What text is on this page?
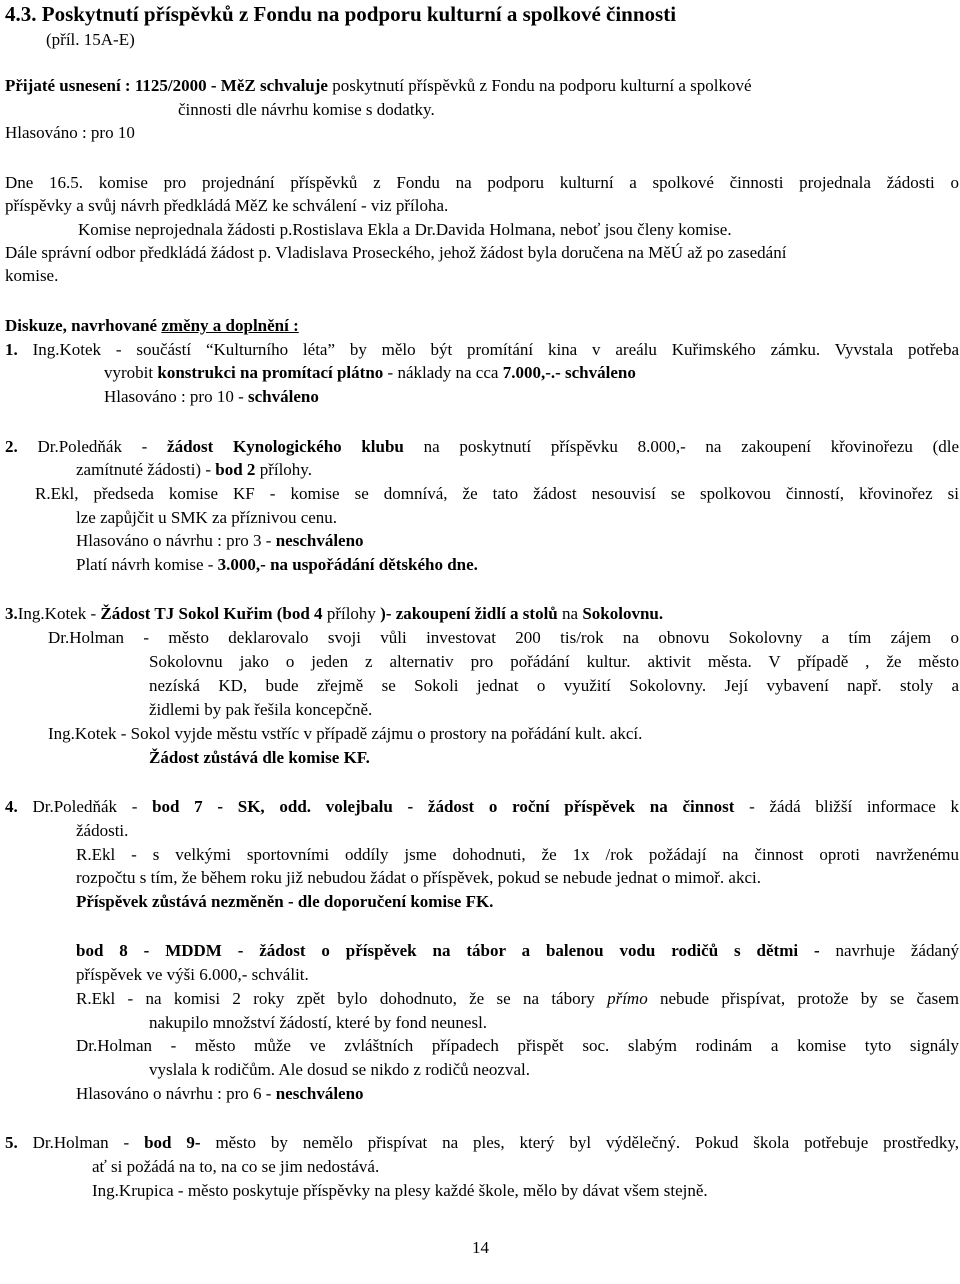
4.3. Poskytnutí příspěvků z Fondu na podporu kulturní a spolkové činnosti
(příl. 15A-E)
Přijaté usnesení : 1125/2000 - MěZ schvaluje poskytnutí příspěvků z Fondu na podporu kulturní a spolkové
činnosti dle návrhu komise s dodatky.
Hlasováno : pro 10
Dne 16.5. komise pro projednání příspěvků z Fondu na podporu kulturní a spolkové činnosti projednala žádosti o
příspěvky a svůj návrh předkládá MěZ ke schválení - viz příloha.
Komise neprojednala žádosti p.Rostislava Ekla a Dr.Davida Holmana, neboť jsou členy komise.
Dále správní odbor předkládá žádost p. Vladislava Proseckého, jehož žádost byla doručena na MěÚ až po zasedání
komise.
Diskuze, navrhované změny a doplnění :
1. Ing.Kotek - součástí “Kulturního léta” by mělo být promítání kina v areálu Kuřimského zámku. Vyvstala potřeba
vyrobit konstrukci na promítací plátno - náklady na cca 7.000,-.- schváleno
Hlasováno : pro 10 - schváleno
2. Dr.Poledňák - žádost Kynologického klubu na poskytnutí příspěvku 8.000,- na zakoupení křovinořezu (dle
zamítnuté žádosti) - bod 2 přílohy.
R.Ekl, předseda komise KF - komise se domnívá, že tato žádost nesouvisí se spolkovou činností, křovinořez si
lze zapůjčit u SMK za příznivou cenu.
Hlasováno o návrhu : pro 3 - neschváleno
Platí návrh komise - 3.000,- na uspořádání dětského dne.
3.Ing.Kotek - Žádost TJ Sokol Kuřim (bod 4 přílohy )- zakoupení židlí a stolů na Sokolovnu.
Dr.Holman - město deklarovalo svoji vůli investovat 200 tis/rok na obnovu Sokolovny a tím zájem o
Sokolovnu jako o jeden z alternativ pro pořádání kultur. aktivit města. V případě , že město
nezíská KD, bude zřejmě se Sokoli jednat o využití Sokolovny. Její vybavení např. stoly a
židlemi by pak řešila koncepčně.
Ing.Kotek - Sokol vyjde městu vstříc v případě zájmu o prostory na pořádání kult. akcí.
Žádost zůstává dle komise KF.
4. Dr.Poledňák - bod 7 - SK, odd. volejbalu - žádost o roční příspěvek na činnost - žádá bližší informace k
žádosti.
R.Ekl - s velkými sportovními oddíly jsme dohodnuti, že 1x /rok požádají na činnost oproti navrženému
rozpočtu s tím, že během roku již nebudou žádat o příspěvek, pokud se nebude jednat o mimoř. akci.
Příspěvek zůstává nezměněn - dle doporučení komise FK.
bod 8 - MDDM - žádost o příspěvek na tábor a balenou vodu rodičů s dětmi - navrhuje žádaný
příspěvek ve výši 6.000,- schválit.
R.Ekl - na komisi 2 roky zpět bylo dohodnuto, že se na tábory přímo nebude přispívat, protože by se časem
nakupilo množství žádostí, které by fond neunesl.
Dr.Holman - město může ve zvláštních případech přispět soc. slabým rodinám a komise tyto signály
vyslala k rodičům. Ale dosud se nikdo z rodičů neozval.
Hlasováno o návrhu : pro 6 - neschváleno
5. Dr.Holman - bod 9- město by nemělo přispívat na ples, který byl výdělečný. Pokud škola potřebuje prostředky,
ať si požádá na to, na co se jim nedostává.
Ing.Krupica - město poskytuje příspěvky na plesy každé škole, mělo by dávat všem stejně.
14
